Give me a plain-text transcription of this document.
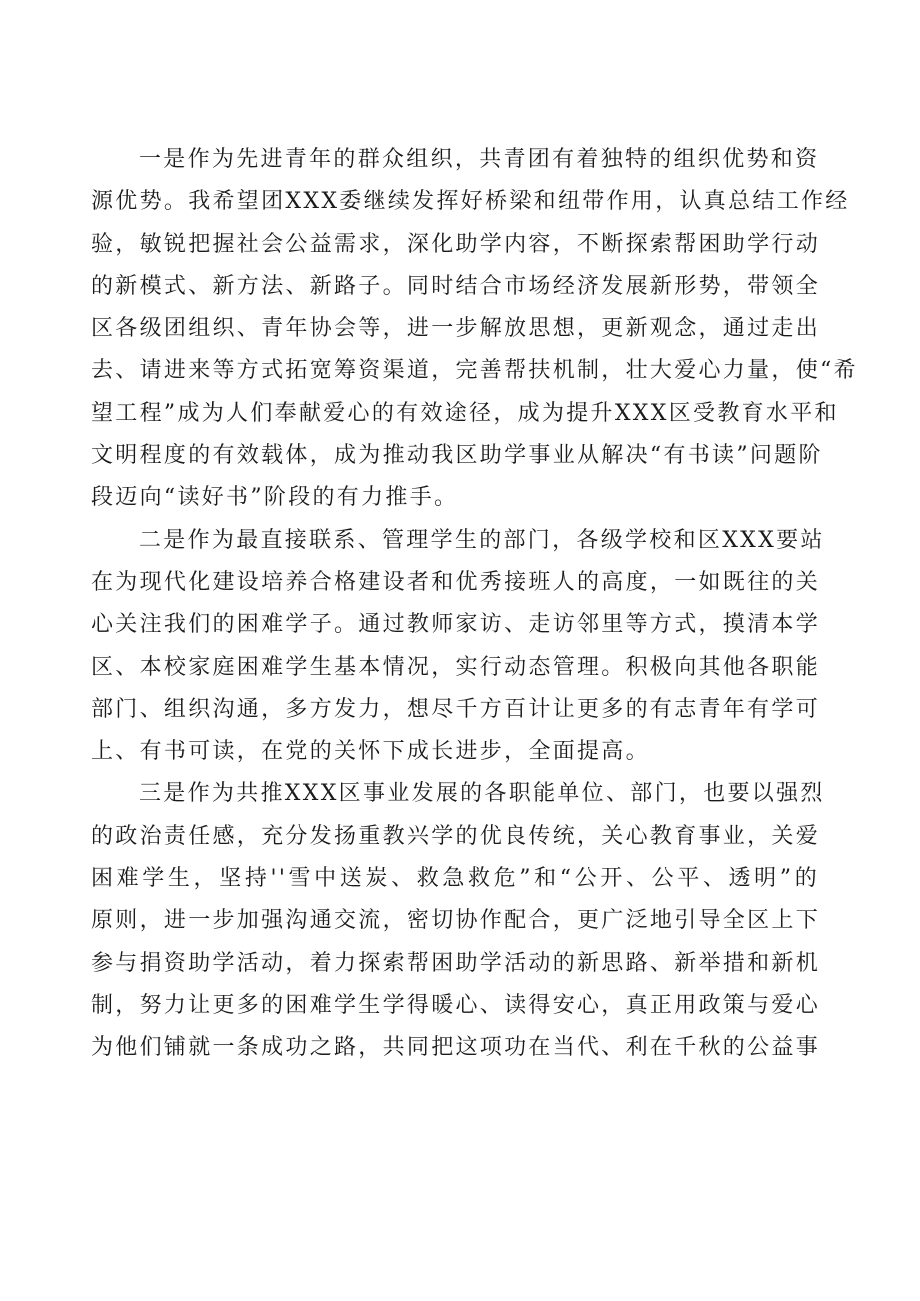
一是作为先进青年的群众组织，共青团有着独特的组织优势和资
源优势。我希望团XXX委继续发挥好桥梁和纽带作用，认真总结工作经
验，敏锐把握社会公益需求，深化助学内容，不断探索帮困助学行动
的新模式、新方法、新路子。同时结合市场经济发展新形势，带领全
区各级团组织、青年协会等，进一步解放思想，更新观念，通过走出
去、请进来等方式拓宽筹资渠道，完善帮扶机制，壮大爱心力量，使“希
望工程”成为人们奉献爱心的有效途径，成为提升XXX区受教育水平和
文明程度的有效载体，成为推动我区助学事业从解决“有书读”问题阶
段迈向“读好书”阶段的有力推手。

二是作为最直接联系、管理学生的部门，各级学校和区XXX要站
在为现代化建设培养合格建设者和优秀接班人的高度，一如既往的关
心关注我们的困难学子。通过教师家访、走访邻里等方式，摸清本学
区、本校家庭困难学生基本情况，实行动态管理。积极向其他各职能
部门、组织沟通，多方发力，想尽千方百计让更多的有志青年有学可
上、有书可读，在党的关怀下成长进步，全面提高。

三是作为共推XXX区事业发展的各职能单位、部门，也要以强烈
的政治责任感，充分发扬重教兴学的优良传统，关心教育事业，关爱
困难学生，坚持''雪中送炭、救急救危”和“公开、公平、透明”的
原则，进一步加强沟通交流，密切协作配合，更广泛地引导全区上下
参与捐资助学活动，着力探索帮困助学活动的新思路、新举措和新机
制，努力让更多的困难学生学得暖心、读得安心，真正用政策与爱心
为他们铺就一条成功之路，共同把这项功在当代、利在千秋的公益事
